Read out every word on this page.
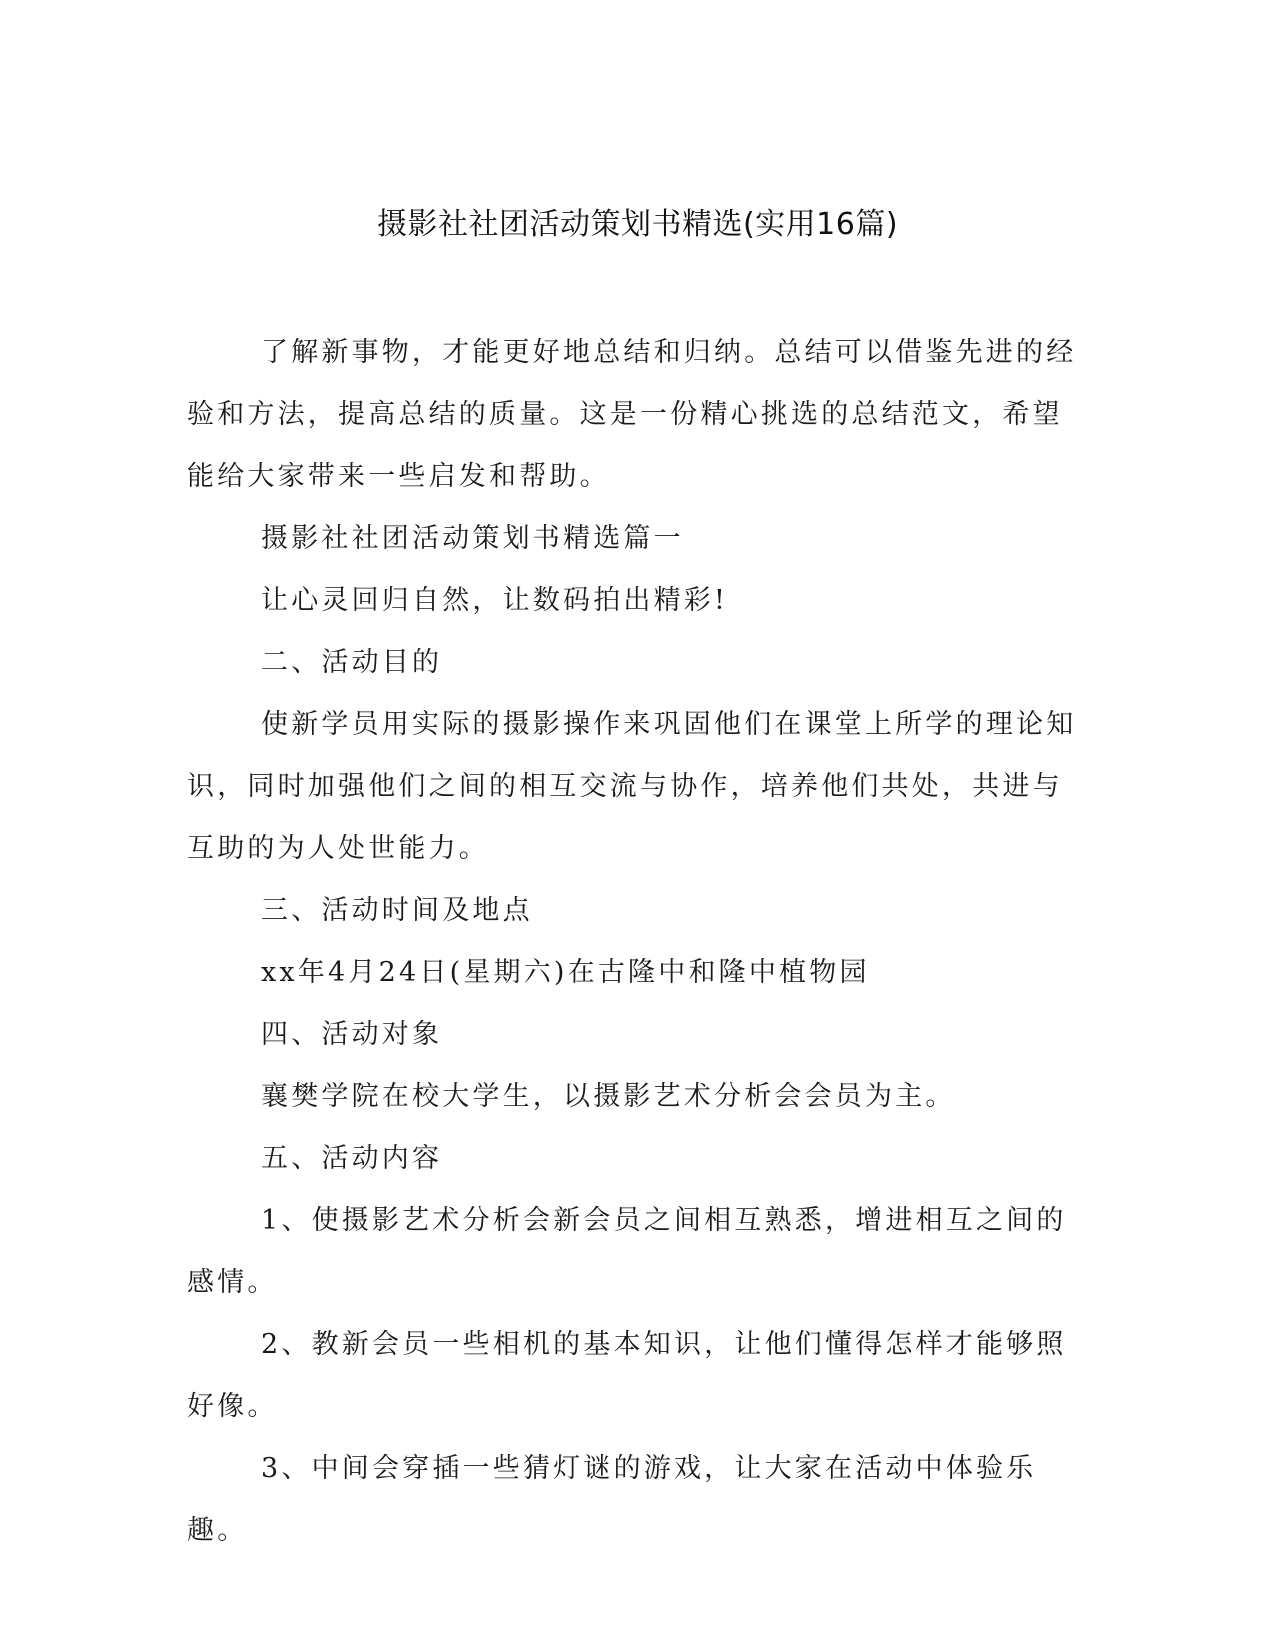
摄影社社团活动策划书精选(实用16篇)

了解新事物，才能更好地总结和归纳。总结可以借鉴先进的经验和方法，提高总结的质量。这是一份精心挑选的总结范文，希望能给大家带来一些启发和帮助。

摄影社社团活动策划书精选篇一

让心灵回归自然，让数码拍出精彩!

二、活动目的

使新学员用实际的摄影操作来巩固他们在课堂上所学的理论知识，同时加强他们之间的相互交流与协作，培养他们共处，共进与互助的为人处世能力。

三、活动时间及地点

xx年4月24日(星期六)在古隆中和隆中植物园

四、活动对象

襄樊学院在校大学生，以摄影艺术分析会会员为主。

五、活动内容

1、使摄影艺术分析会新会员之间相互熟悉，增进相互之间的感情。

2、教新会员一些相机的基本知识，让他们懂得怎样才能够照好像。

3、中间会穿插一些猜灯谜的游戏，让大家在活动中体验乐趣。
